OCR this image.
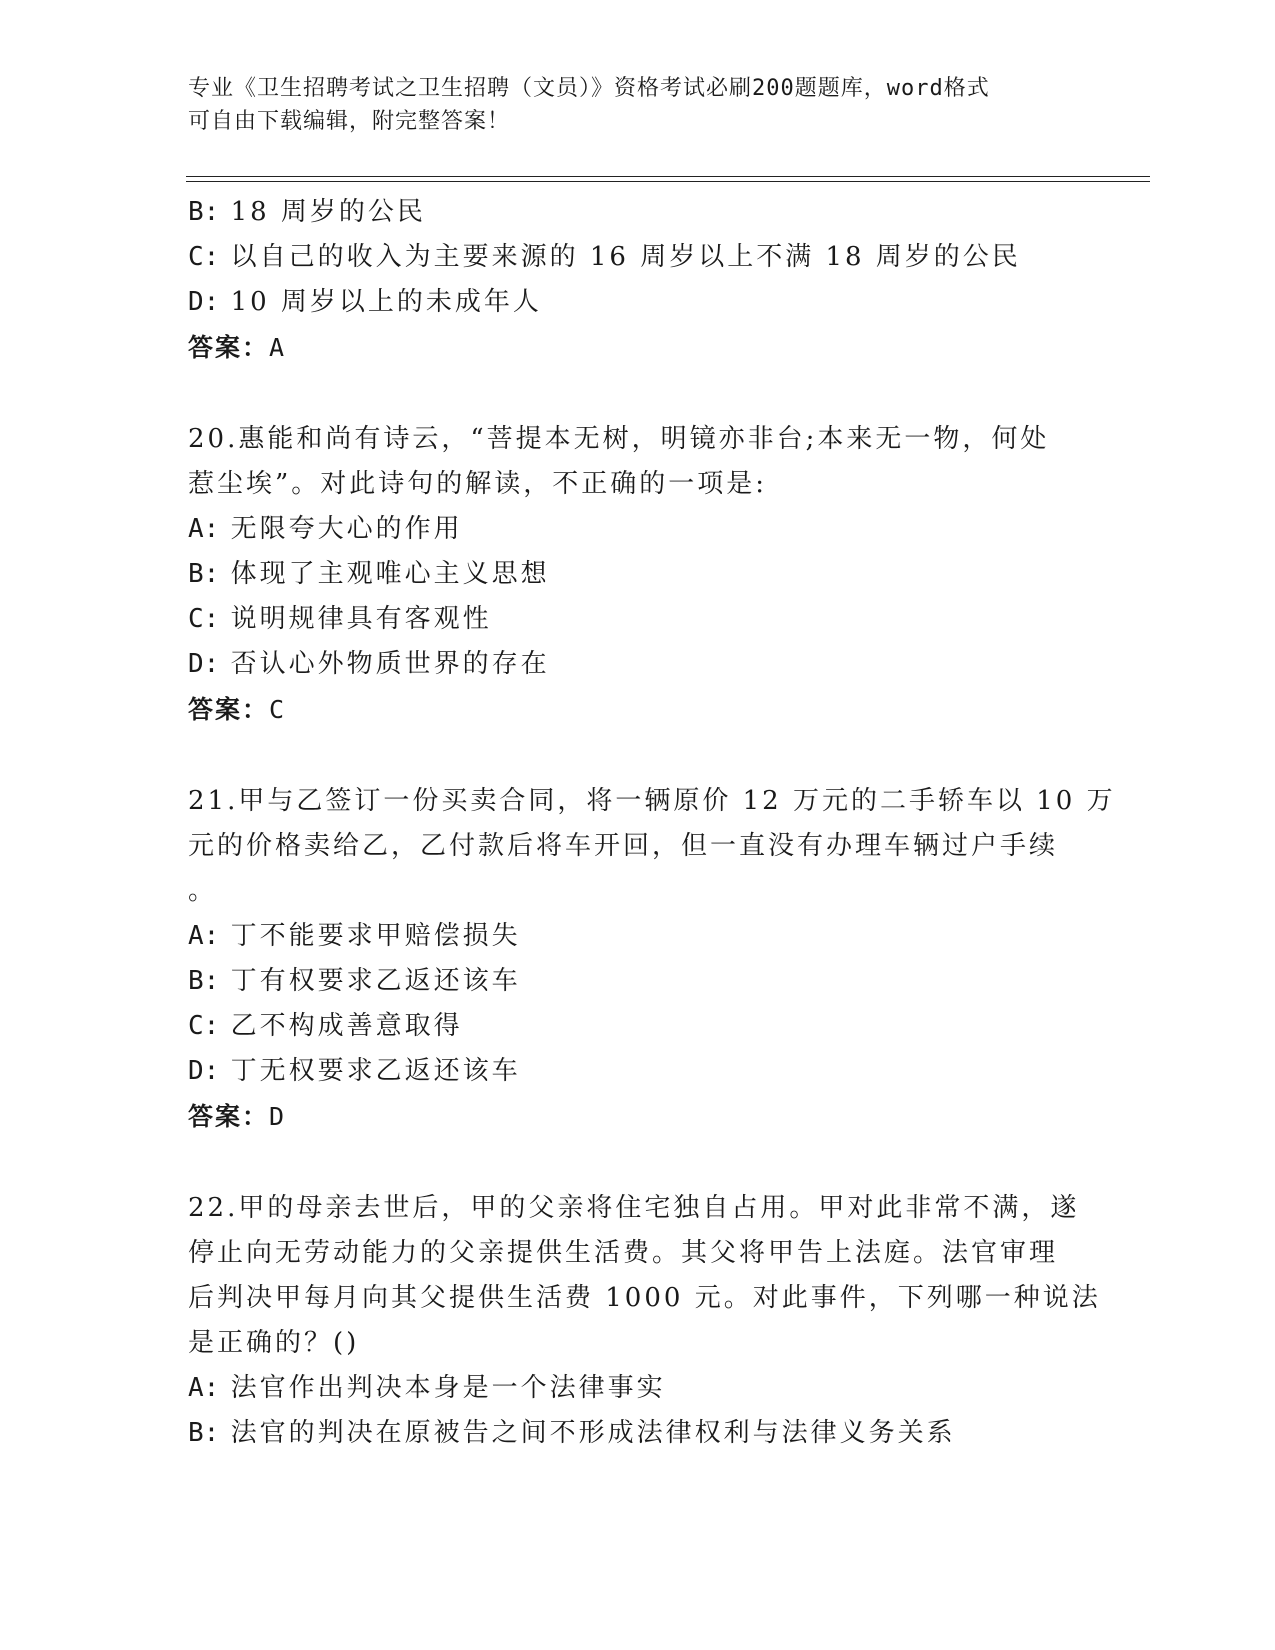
专业《卫生招聘考试之卫生招聘（文员）》资格考试必刷200题题库，word格式
可自由下载编辑，附完整答案！
B: 18 周岁的公民
C: 以自己的收入为主要来源的 16 周岁以上不满 18 周岁的公民
D: 10 周岁以上的未成年人
答案：A
20.惠能和尚有诗云，“菩提本无树，明镜亦非台;本来无一物，何处
惹尘埃”。对此诗句的解读，不正确的一项是:
A: 无限夸大心的作用
B: 体现了主观唯心主义思想
C: 说明规律具有客观性
D: 否认心外物质世界的存在
答案：C
21.甲与乙签订一份买卖合同，将一辆原价 12 万元的二手轿车以 10 万
元的价格卖给乙，乙付款后将车开回，但一直没有办理车辆过户手续
。
A: 丁不能要求甲赔偿损失
B: 丁有权要求乙返还该车
C: 乙不构成善意取得
D: 丁无权要求乙返还该车
答案：D
22.甲的母亲去世后，甲的父亲将住宅独自占用。甲对此非常不满，遂
停止向无劳动能力的父亲提供生活费。其父将甲告上法庭。法官审理
后判决甲每月向其父提供生活费 1000 元。对此事件，下列哪一种说法
是正确的？()
A: 法官作出判决本身是一个法律事实
B: 法官的判决在原被告之间不形成法律权利与法律义务关系
